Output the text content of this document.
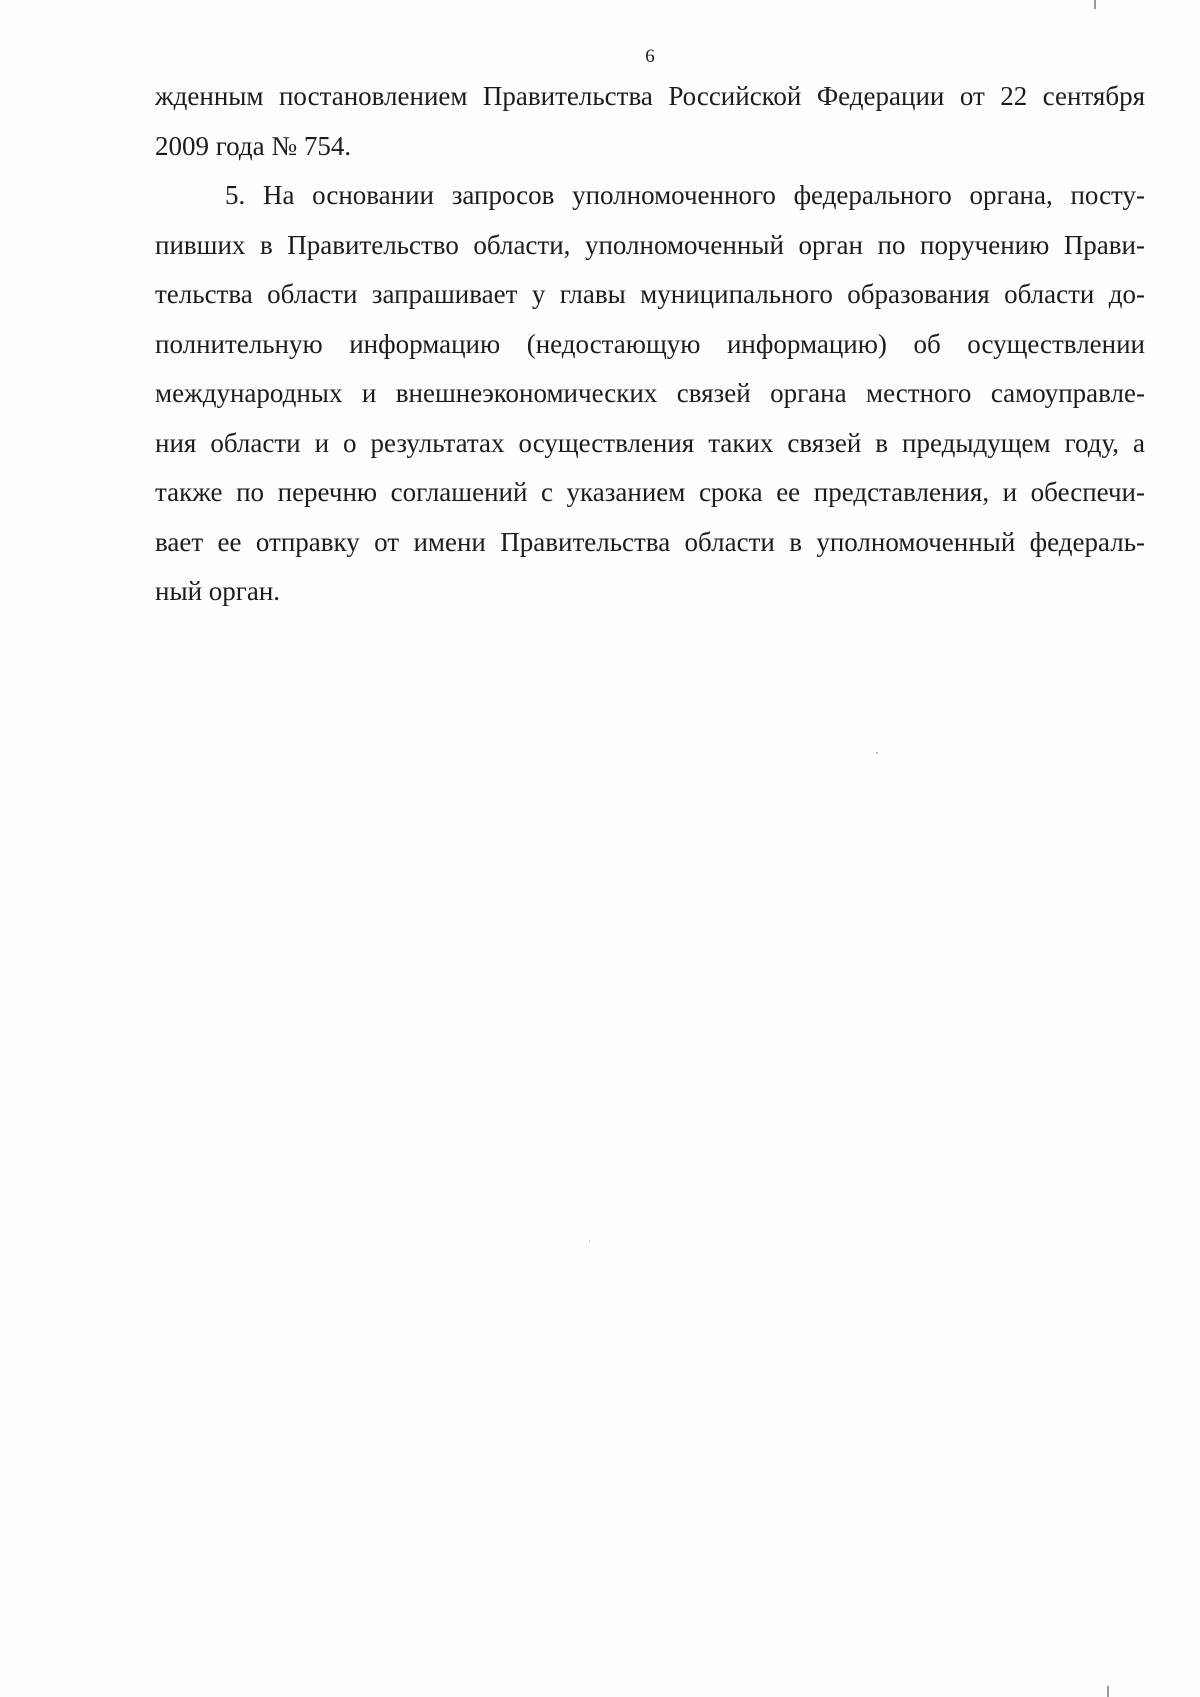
6
жденным постановлением Правительства Российской Федерации от 22 сентября
2009 года № 754.
5. На основании запросов уполномоченного федерального органа, посту-
пивших в Правительство области, уполномоченный орган по поручению Прави-
тельства области запрашивает у главы муниципального образования области до-
полнительную информацию (недостающую информацию) об осуществлении
международных и внешнеэкономических связей органа местного самоуправле-
ния области и о результатах осуществления таких связей в предыдущем году, а
также по перечню соглашений с указанием срока ее представления, и обеспечи-
вает ее отправку от имени Правительства области в уполномоченный федераль-
ный орган.
